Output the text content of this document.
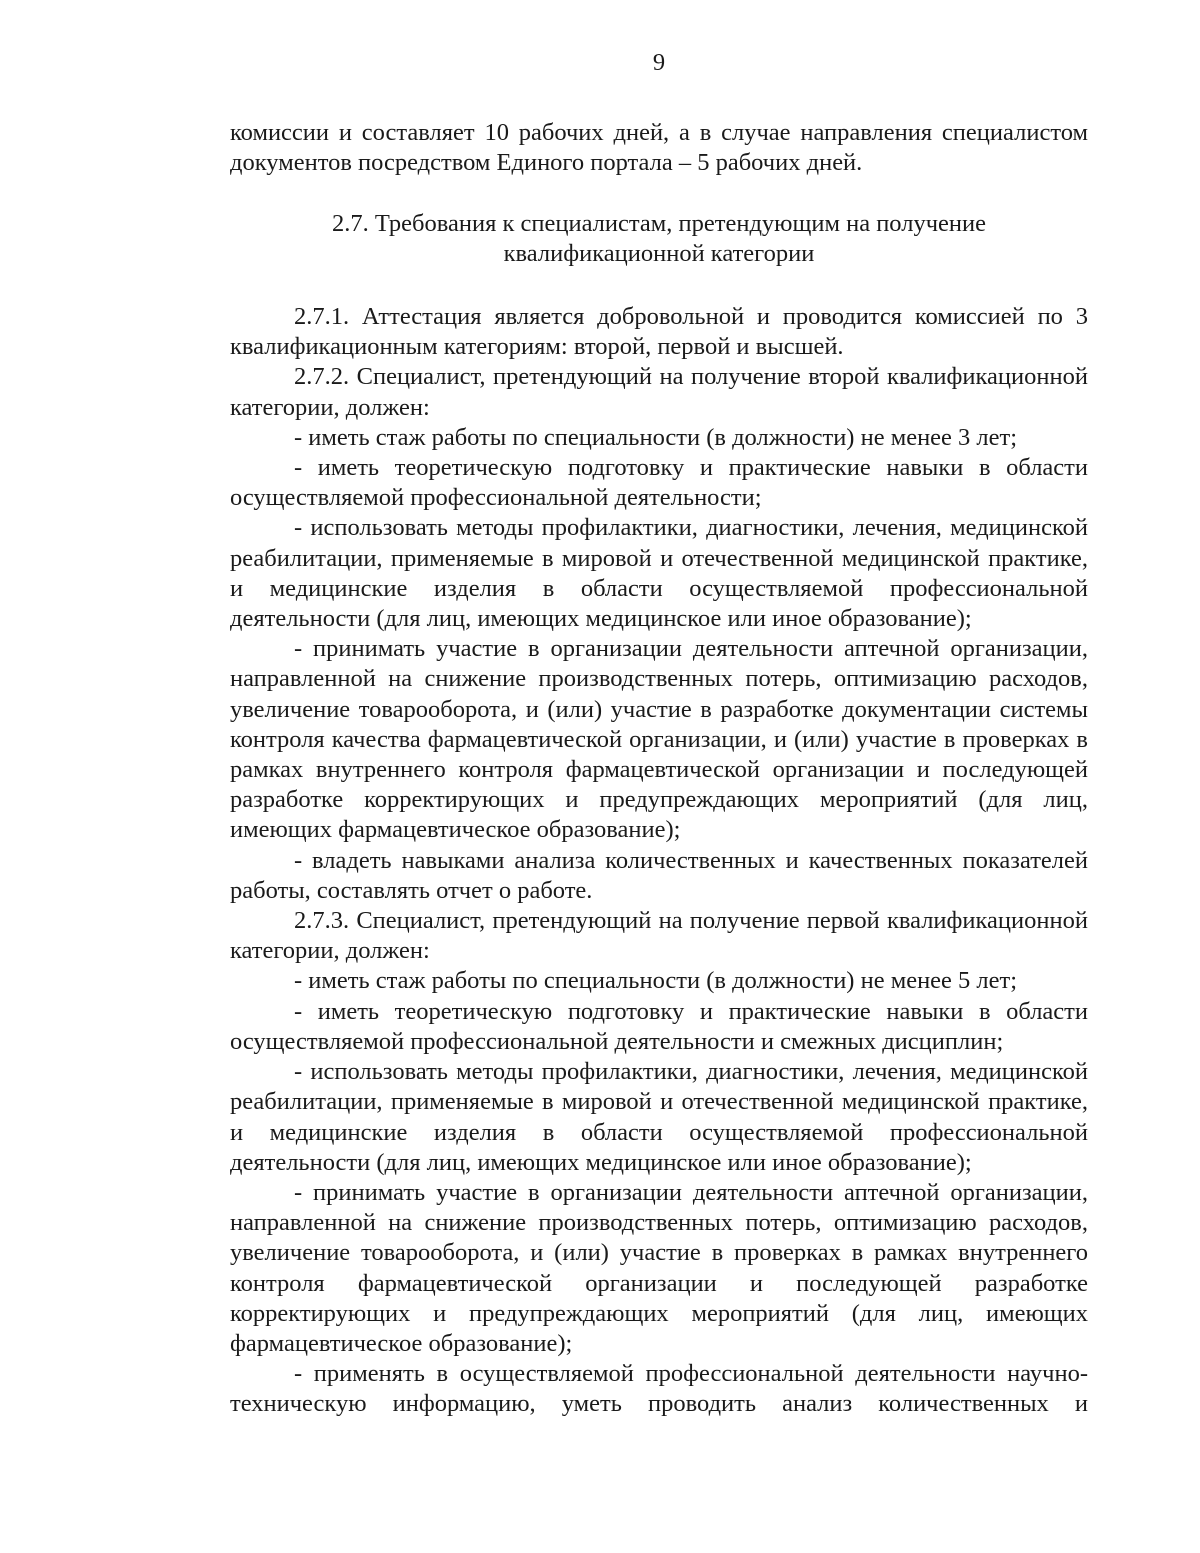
9

комиссии и составляет 10 рабочих дней, а в случае направления специалистом документов посредством Единого портала – 5 рабочих дней.

2.7. Требования к специалистам, претендующим на получение
квалификационной категории

2.7.1. Аттестация является добровольной и проводится комиссией по 3 квалификационным категориям: второй, первой и высшей.

2.7.2. Специалист, претендующий на получение второй квалификационной категории, должен:

- иметь стаж работы по специальности (в должности) не менее 3 лет;

- иметь теоретическую подготовку и практические навыки в области осуществляемой профессиональной деятельности;

- использовать методы профилактики, диагностики, лечения, медицинской реабилитации, применяемые в мировой и отечественной медицинской практике, и медицинские изделия в области осуществляемой профессиональной деятельности (для лиц, имеющих медицинское или иное образование);

- принимать участие в организации деятельности аптечной организации, направленной на снижение производственных потерь, оптимизацию расходов, увеличение товарооборота, и (или) участие в разработке документации системы контроля качества фармацевтической организации, и (или) участие в проверках в рамках внутреннего контроля фармацевтической организации и последующей разработке корректирующих и предупреждающих мероприятий (для лиц, имеющих фармацевтическое образование);

- владеть навыками анализа количественных и качественных показателей работы, составлять отчет о работе.

2.7.3. Специалист, претендующий на получение первой квалификационной категории, должен:

- иметь стаж работы по специальности (в должности) не менее 5 лет;

- иметь теоретическую подготовку и практические навыки в области осуществляемой профессиональной деятельности и смежных дисциплин;

- использовать методы профилактики, диагностики, лечения, медицинской реабилитации, применяемые в мировой и отечественной медицинской практике, и медицинские изделия в области осуществляемой профессиональной деятельности (для лиц, имеющих медицинское или иное образование);

- принимать участие в организации деятельности аптечной организации, направленной на снижение производственных потерь, оптимизацию расходов, увеличение товарооборота, и (или) участие в проверках в рамках внутреннего контроля фармацевтической организации и последующей разработке корректирующих и предупреждающих мероприятий (для лиц, имеющих фармацевтическое образование);

- применять в осуществляемой профессиональной деятельности научно-техническую информацию, уметь проводить анализ количественных и
